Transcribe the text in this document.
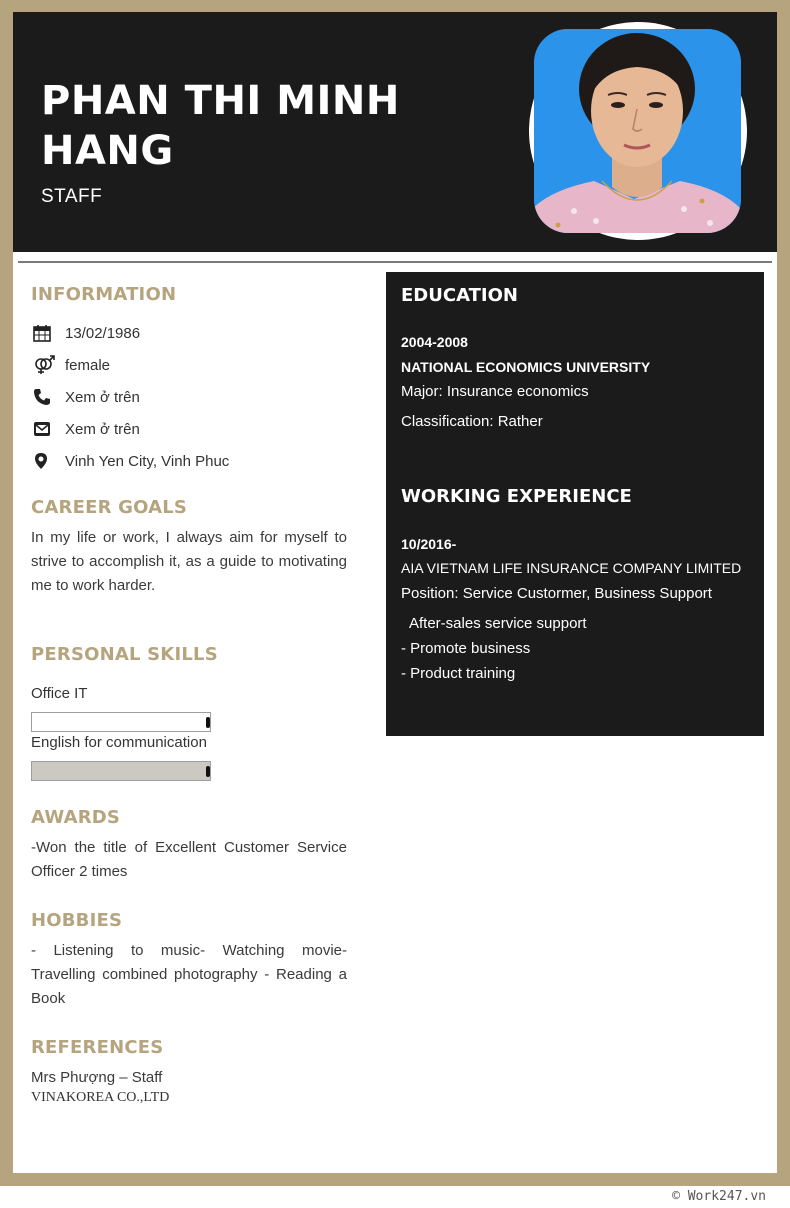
PHAN THI MINH HANG
STAFF
INFORMATION
13/02/1986
female
Xem ở trên
Xem ở trên
Vinh Yen City, Vinh Phuc
CAREER GOALS
In my life or work, I always aim for myself to strive to accomplish it, as a guide to motivating me to work harder.
PERSONAL SKILLS
Office IT
English for communication
AWARDS
-Won the title of Excellent Customer Service Officer 2 times
HOBBIES
- Listening to music- Watching movie- Travelling combined photography - Reading a Book
REFERENCES
Mrs Phượng – Staff
VINAKOREA CO.,LTD
EDUCATION
2004-2008
NATIONAL ECONOMICS UNIVERSITY
Major: Insurance economics
Classification: Rather
WORKING EXPERIENCE
10/2016-
AIA VIETNAM LIFE INSURANCE COMPANY LIMITED
Position: Service Custormer, Business Support
After-sales service support
- Promote business
- Product training
© Work247.vn
